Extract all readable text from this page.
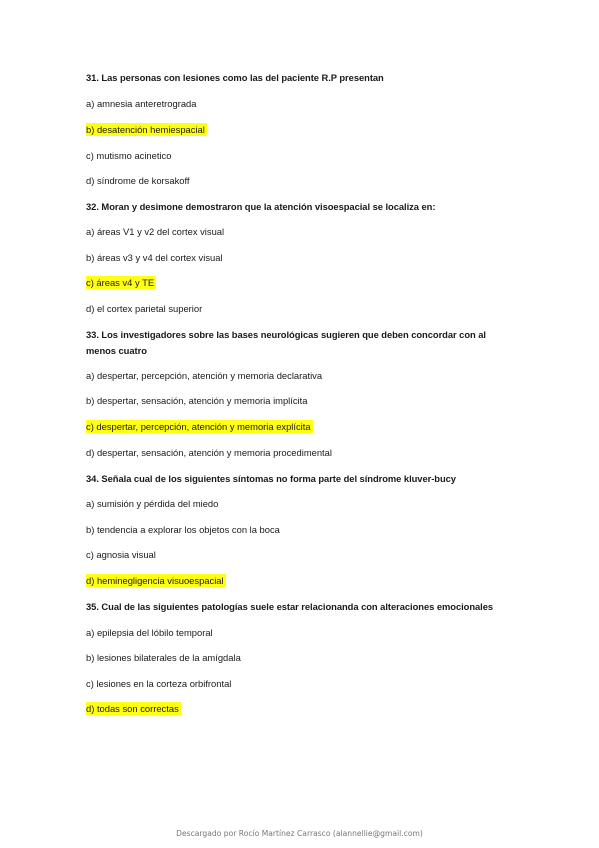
31. Las personas con lesiones como las del paciente R.P presentan
a) amnesia anteretrograda
b) desatención hemiespacial
c) mutismo acinetico
d) síndrome de korsakoff
32. Moran y desimone demostraron que la atención visoespacial se localiza en:
a) áreas V1 y v2 del cortex visual
b) áreas v3 y v4 del cortex visual
c) áreas v4 y TE
d) el cortex parietal superior
33. Los investigadores sobre las bases neurológicas sugieren que deben concordar con al menos cuatro
a) despertar, percepción, atención y memoria declarativa
b) despertar, sensación, atención y memoria implícita
c) despertar, percepción, atención y memoria explícita
d) despertar, sensación, atención y memoria procedimental
34. Señala cual de los siguientes síntomas no forma parte del síndrome kluver-bucy
a) sumisión y pérdida del miedo
b) tendencia a explorar los objetos con la boca
c) agnosia visual
d) heminegligencia visuoespacial
35. Cual de las siguientes patologías suele estar relacionanda con alteraciones emocionales
a) epilepsia del lóbilo temporal
b) lesiones bilaterales de la amígdala
c) lesiones en la corteza orbifrontal
d) todas son correctas
Descargado por Rocío Martínez Carrasco (alannellie@gmail.com)
